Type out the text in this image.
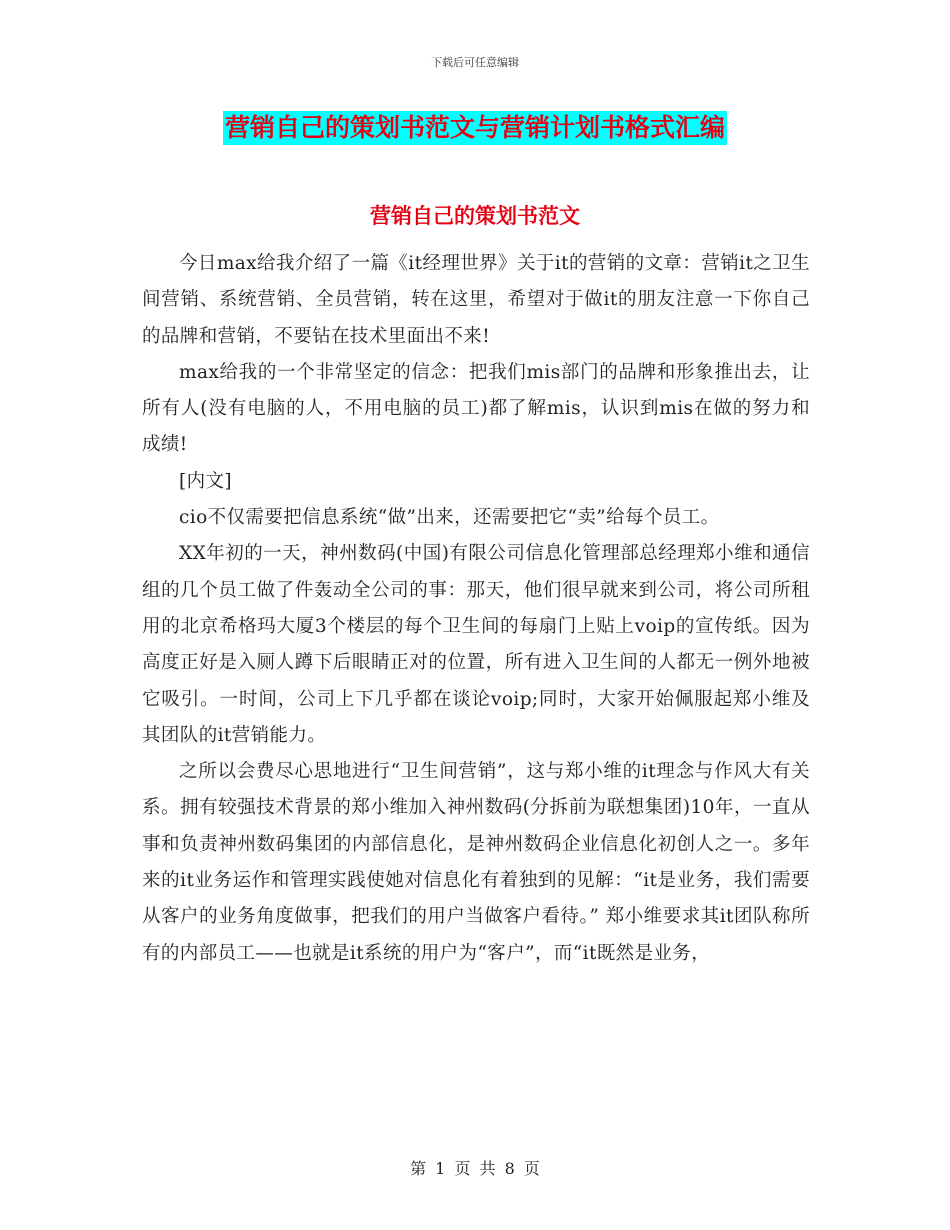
下载后可任意编辑
营销自己的策划书范文与营销计划书格式汇编
营销自己的策划书范文

今日max给我介绍了一篇《it经理世界》关于it的营销的文章：营销it之卫生间营销、系统营销、全员营销，转在这里，希望对于做it的朋友注意一下你自己的品牌和营销，不要钻在技术里面出不来!

max给我的一个非常坚定的信念：把我们mis部门的品牌和形象推出去，让所有人(没有电脑的人，不用电脑的员工)都了解mis，认识到mis在做的努力和成绩!

[内文]

cio不仅需要把信息系统“做”出来，还需要把它“卖”给每个员工。

XX年初的一天，神州数码(中国)有限公司信息化管理部总经理郑小维和通信组的几个员工做了件轰动全公司的事：那天，他们很早就来到公司，将公司所租用的北京希格玛大厦3个楼层的每个卫生间的每扇门上贴上voip的宣传纸。因为高度正好是入厕人蹲下后眼睛正对的位置，所有进入卫生间的人都无一例外地被它吸引。一时间，公司上下几乎都在谈论voip;同时，大家开始佩服起郑小维及其团队的it营销能力。

之所以会费尽心思地进行“卫生间营销”，这与郑小维的it理念与作风大有关系。拥有较强技术背景的郑小维加入神州数码(分拆前为联想集团)10年，一直从事和负责神州数码集团的内部信息化，是神州数码企业信息化初创人之一。多年来的it业务运作和管理实践使她对信息化有着独到的见解：“it是业务，我们需要从客户的业务角度做事，把我们的用户当做客户看待。” 郑小维要求其it团队称所有的内部员工——也就是it系统的用户为“客户”，而“it既然是业务，

第 1 页 共 8 页
